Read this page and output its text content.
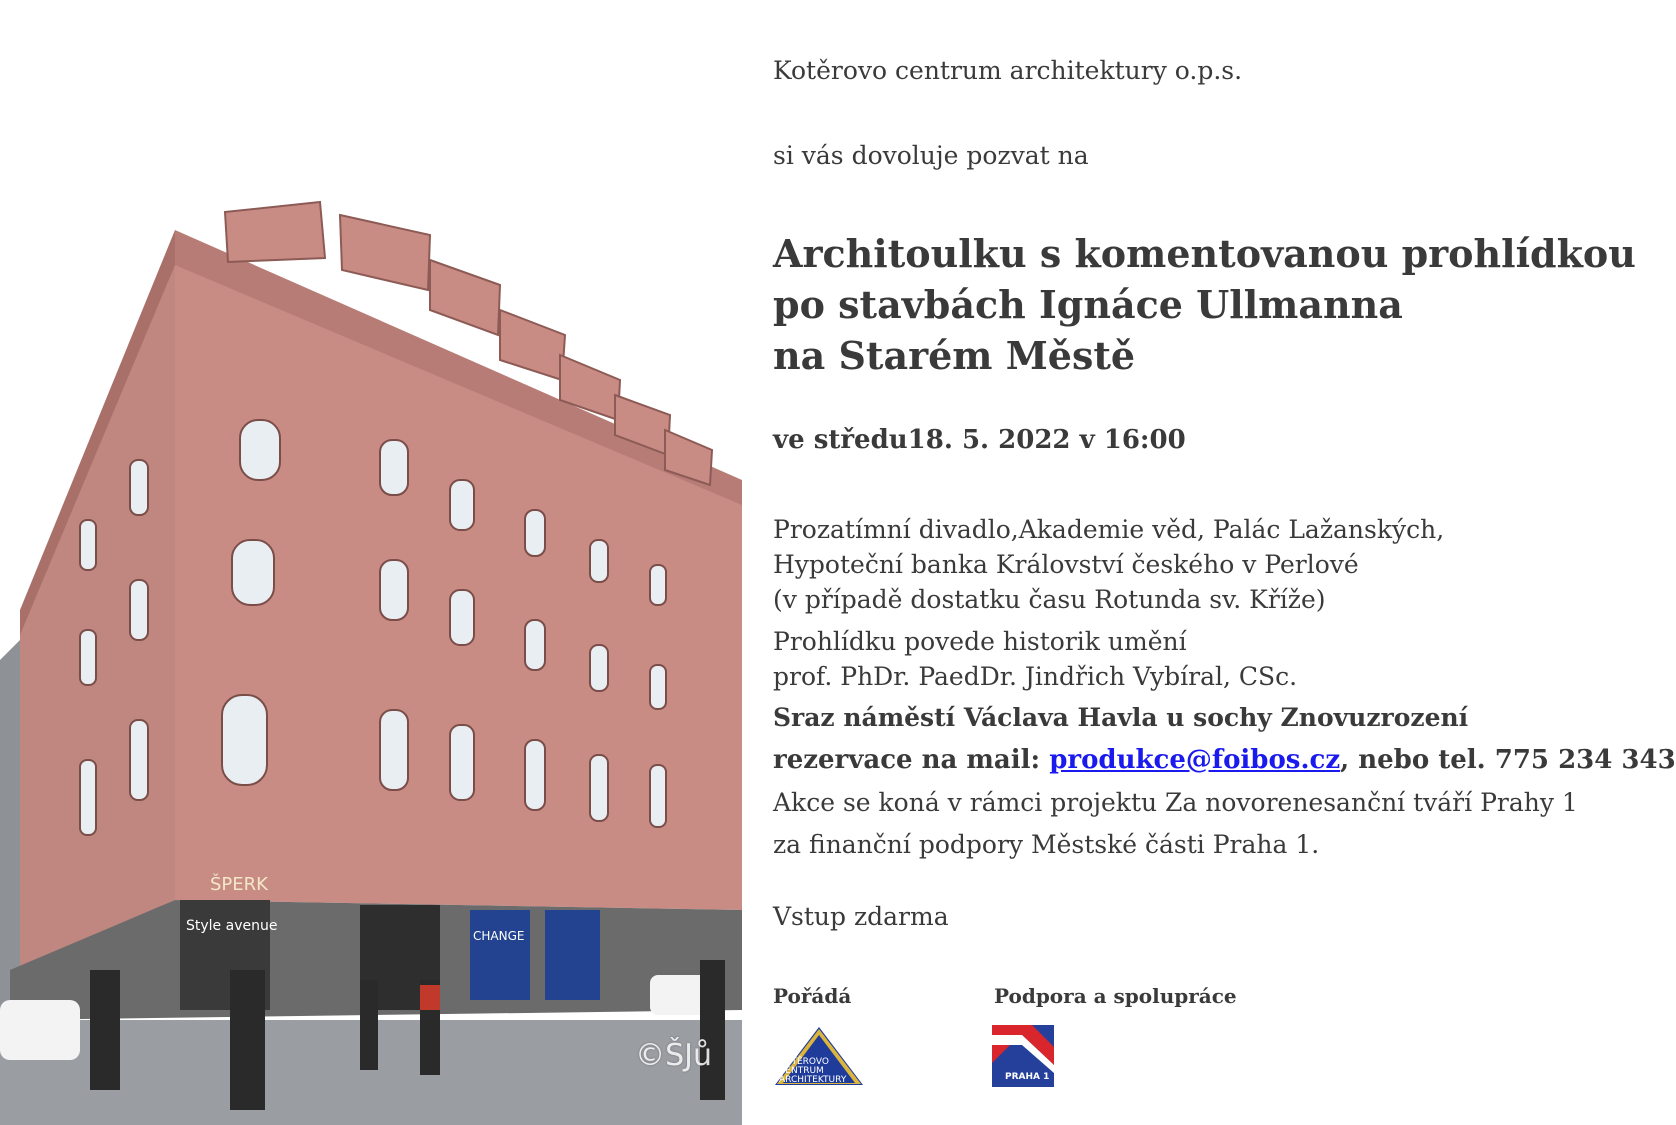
ŠPERK
Style avenue
CHANGE
©ŠJů
Kotěrovo centrum architektury o.p.s.
si vás dovoluje pozvat na
Architoulku s komentovanou prohlídkou
po stavbách Ignáce Ullmanna
na Starém Městě
ve středu18. 5. 2022 v 16:00
Prozatímní divadlo,Akademie věd, Palác Lažanských,
Hypoteční banka Království českého v Perlové
(v případě dostatku času Rotunda sv. Kříže)
Prohlídku povede historik umění
prof. PhDr. PaedDr. Jindřich Vybíral, CSc.
Sraz náměstí Václava Havla u sochy Znovuzrození
rezervace na mail: produkce@foibos.cz, nebo tel. 775 234 343
Akce se koná v rámci projektu Za novorenesanční tváří Prahy 1
za finanční podpory Městské části Praha 1.
Vstup zdarma
Pořádá	Podpora a spolupráce
KOTĚROVO
CENTRUM
ARCHITEKTURY	PRAHA 1
